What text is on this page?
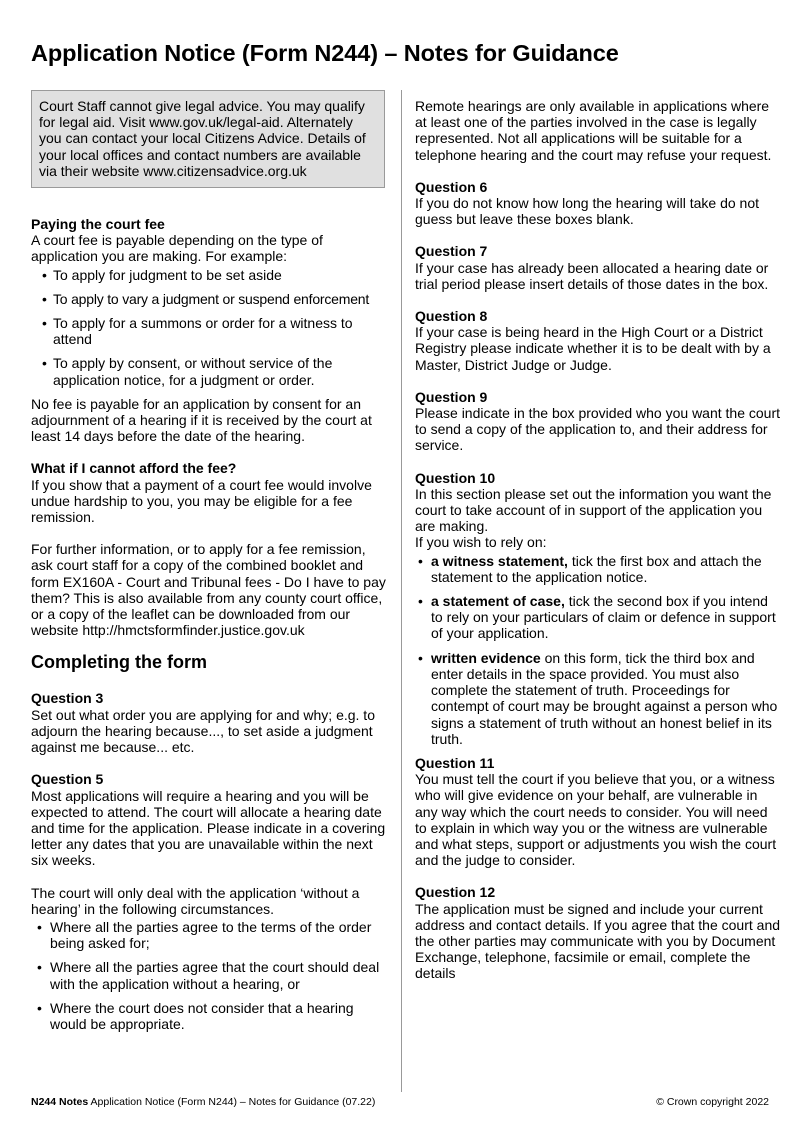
Application Notice (Form N244) – Notes for Guidance
Court Staff cannot give legal advice. You may qualify for legal aid. Visit www.gov.uk/legal-aid. Alternately you can contact your local Citizens Advice. Details of your local offices and contact numbers are available via their website www.citizensadvice.org.uk
Paying the court fee

A court fee is payable depending on the type of application you are making. For example:

• To apply for judgment to be set aside
• To apply to vary a judgment or suspend enforcement
• To apply for a summons or order for a witness to attend
• To apply by consent, or without service of the application notice, for a judgment or order.

No fee is payable for an application by consent for an adjournment of a hearing if it is received by the court at least 14 days before the date of the hearing.

What if I cannot afford the fee?

If you show that a payment of a court fee would involve undue hardship to you, you may be eligible for a fee remission.

For further information, or to apply for a fee remission, ask court staff for a copy of the combined booklet and form EX160A - Court and Tribunal fees - Do I have to pay them? This is also available from any county court office, or a copy of the leaflet can be downloaded from our website http://hmctsformfinder.justice.gov.uk

Completing the form
Question 3

Set out what order you are applying for and why; e.g. to adjourn the hearing because..., to set aside a judgment against me because... etc.

Question 5

Most applications will require a hearing and you will be expected to attend. The court will allocate a hearing date and time for the application. Please indicate in a covering letter any dates that you are unavailable within the next six weeks.

The court will only deal with the application ‘without a hearing’ in the following circumstances.

• Where all the parties agree to the terms of the order being asked for;
• Where all the parties agree that the court should deal with the application without a hearing, or
• Where the court does not consider that a hearing would be appropriate.

Remote hearings are only available in applications where at least one of the parties involved in the case is legally represented. Not all applications will be suitable for a telephone hearing and the court may refuse your request.

Question 6

If you do not know how long the hearing will take do not guess but leave these boxes blank.

Question 7

If your case has already been allocated a hearing date or trial period please insert details of those dates in the box.

Question 8

If your case is being heard in the High Court or a District Registry please indicate whether it is to be dealt with by a Master, District Judge or Judge.

Question 9

Please indicate in the box provided who you want the court to send a copy of the application to, and their address for service.

Question 10

In this section please set out the information you want the court to take account of in support of the application you are making.

If you wish to rely on:

• a witness statement, tick the first box and attach the statement to the application notice.
• a statement of case, tick the second box if you intend to rely on your particulars of claim or defence in support of your application.
• written evidence on this form, tick the third box and enter details in the space provided. You must also complete the statement of truth. Proceedings for contempt of court may be brought against a person who signs a statement of truth without an honest belief in its truth.
Question 11

You must tell the court if you believe that you, or a witness who will give evidence on your behalf, are vulnerable in any way which the court needs to consider. You will need to explain in which way you or the witness are vulnerable and what steps, support or adjustments you wish the court and the judge to consider.

Question 12

The application must be signed and include your current address and contact details. If you agree that the court and the other parties may communicate with you by Document Exchange, telephone, facsimile or email, complete the details

N244 Notes Application Notice (Form N244) – Notes for Guidance (07.22)	© Crown copyright 2022
